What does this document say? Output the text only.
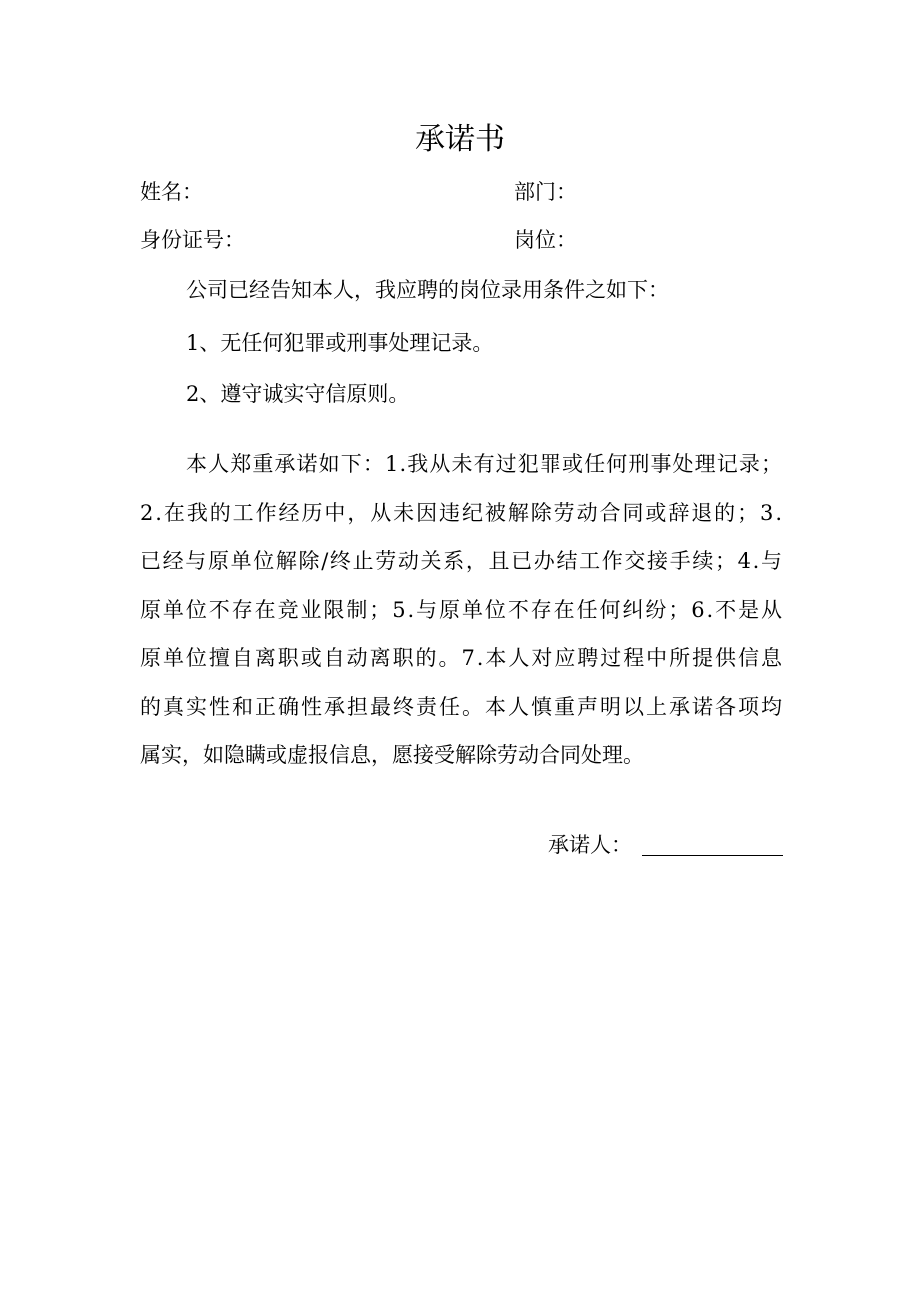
承诺书
姓名：	部门：
身份证号：	岗位：
公司已经告知本人，我应聘的岗位录用条件之如下：
1、无任何犯罪或刑事处理记录。
2、遵守诚实守信原则。
本人郑重承诺如下：1.我从未有过犯罪或任何刑事处理记录；
2.在我的工作经历中，从未因违纪被解除劳动合同或辞退的；3.
已经与原单位解除/终止劳动关系，且已办结工作交接手续；4.与
原单位不存在竞业限制；5.与原单位不存在任何纠纷；6.不是从
原单位擅自离职或自动离职的。7.本人对应聘过程中所提供信息
的真实性和正确性承担最终责任。本人慎重声明以上承诺各项均
属实，如隐瞒或虚报信息，愿接受解除劳动合同处理。
承诺人：
